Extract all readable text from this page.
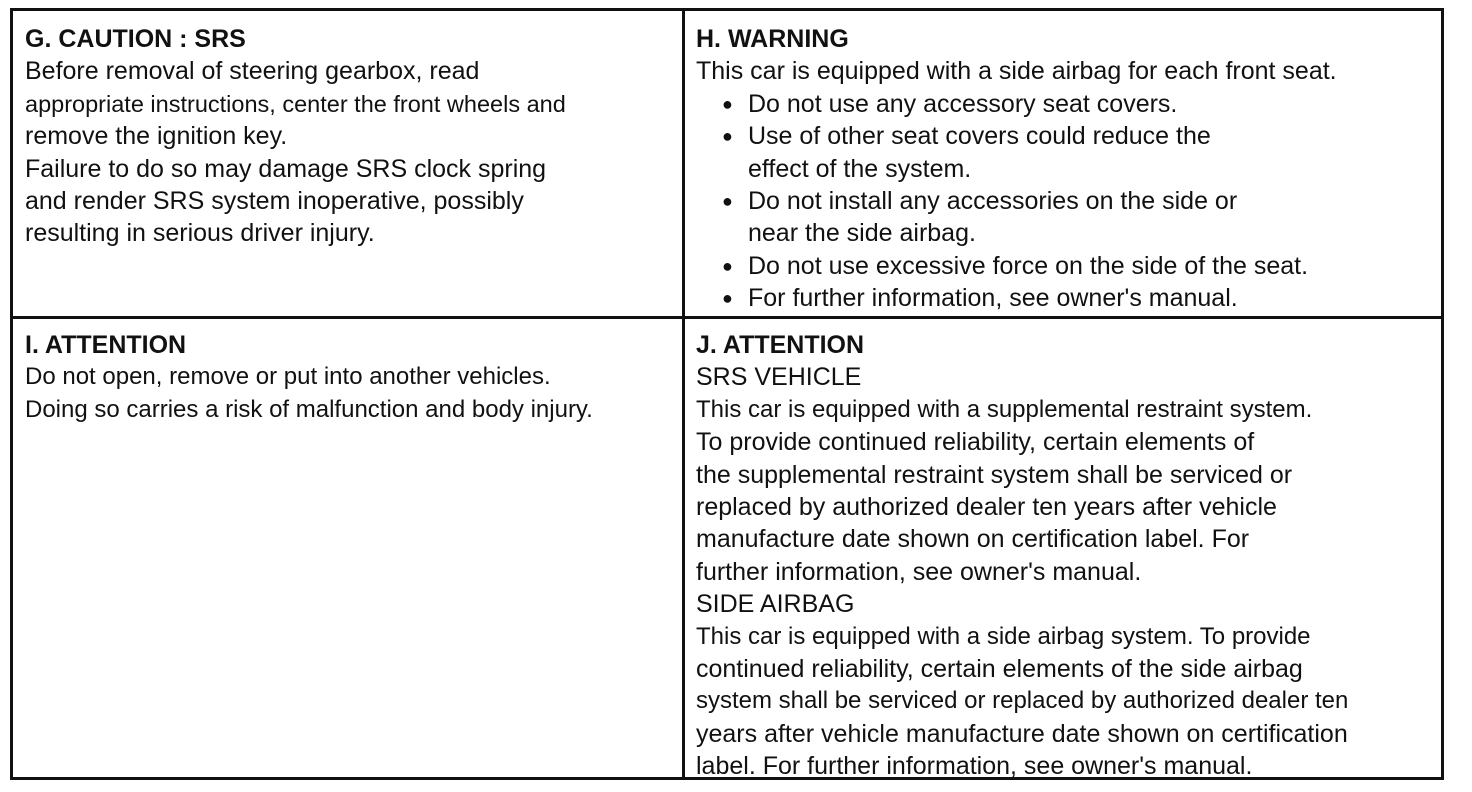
G. CAUTION : SRS
Before removal of steering gearbox, read
appropriate instructions, center the front wheels and
remove the ignition key.
Failure to do so may damage SRS clock spring
and render SRS system inoperative, possibly
resulting in serious driver injury.
H. WARNING
This car is equipped with a side airbag for each front seat.
● Do not use any accessory seat covers.
● Use of other seat covers could reduce the effect of the system.
● Do not install any accessories on the side or near the side airbag.
● Do not use excessive force on the side of the seat.
● For further information, see owner's manual.
I. ATTENTION
Do not open, remove or put into another vehicles.
Doing so carries a risk of malfunction and body injury.
J. ATTENTION
SRS VEHICLE
This car is equipped with a supplemental restraint system.
To provide continued reliability, certain elements of
the supplemental restraint system shall be serviced or
replaced by authorized dealer ten years after vehicle
manufacture date shown on certification label. For
further information, see owner's manual.
SIDE AIRBAG
This car is equipped with a side airbag system. To provide
continued reliability, certain elements of the side airbag
system shall be serviced or replaced by authorized dealer ten
years after vehicle manufacture date shown on certification
label. For further information, see owner's manual.
